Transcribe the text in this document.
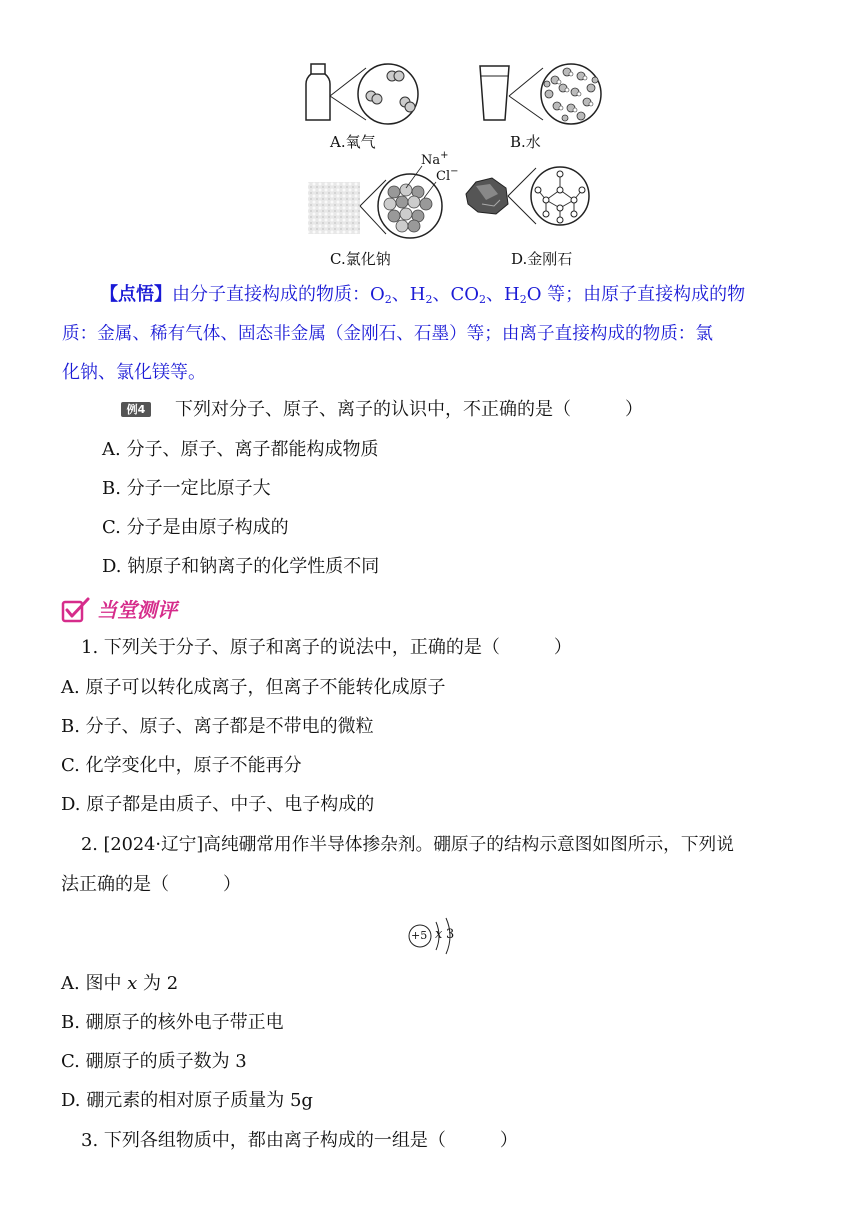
A.氧气	B.水
Na+
Cl−
C.氯化钠	D.金刚石
【点悟】由分子直接构成的物质：$O_2$、$H_2$、$CO_2$、$H_2O$ 等；由原子直接构成的物
质：金属、稀有气体、固态非金属（金刚石、石墨）等；由离子直接构成的物质：氯
化钠、氯化镁等。
例4	下列对分子、原子、离子的认识中，不正确的是（　　　）
A. 分子、原子、离子都能构成物质
B. 分子一定比原子大
C. 分子是由原子构成的
D. 钠原子和钠离子的化学性质不同
当堂测评
1. 下列关于分子、原子和离子的说法中，正确的是（　　　）
A. 原子可以转化成离子，但离子不能转化成原子
B. 分子、原子、离子都是不带电的微粒
C. 化学变化中，原子不能再分
D. 原子都是由质子、中子、电子构成的
2. [2024·辽宁]高纯硼常用作半导体掺杂剂。硼原子的结构示意图如图所示，下列说
法正确的是（　　　）
+5 x 3
A. 图中 x 为 2
B. 硼原子的核外电子带正电
C. 硼原子的质子数为 3
D. 硼元素的相对原子质量为 5g
3. 下列各组物质中，都由离子构成的一组是（　　　）
